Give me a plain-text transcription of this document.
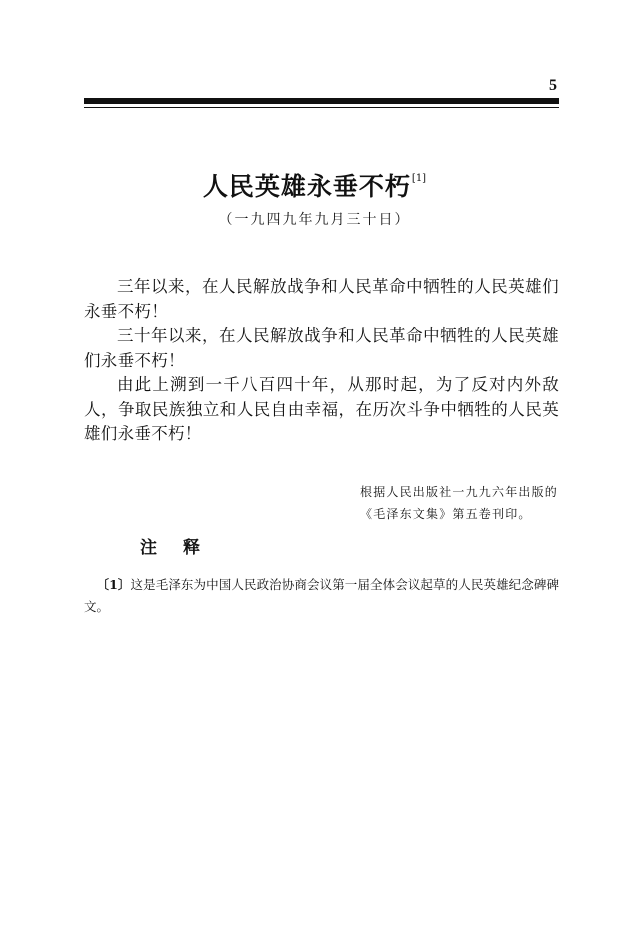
5
人民英雄永垂不朽[1]
（一九四九年九月三十日）

三年以来，在人民解放战争和人民革命中牺牲的人民英雄们永垂不朽！

三十年以来，在人民解放战争和人民革命中牺牲的人民英雄们永垂不朽！

由此上溯到一千八百四十年，从那时起，为了反对内外敌人，争取民族独立和人民自由幸福，在历次斗争中牺牲的人民英雄们永垂不朽！

根据人民出版社一九九六年出版的
《毛泽东文集》第五卷刊印。
注释

〔1〕这是毛泽东为中国人民政治协商会议第一届全体会议起草的人民英雄纪念碑碑文。
